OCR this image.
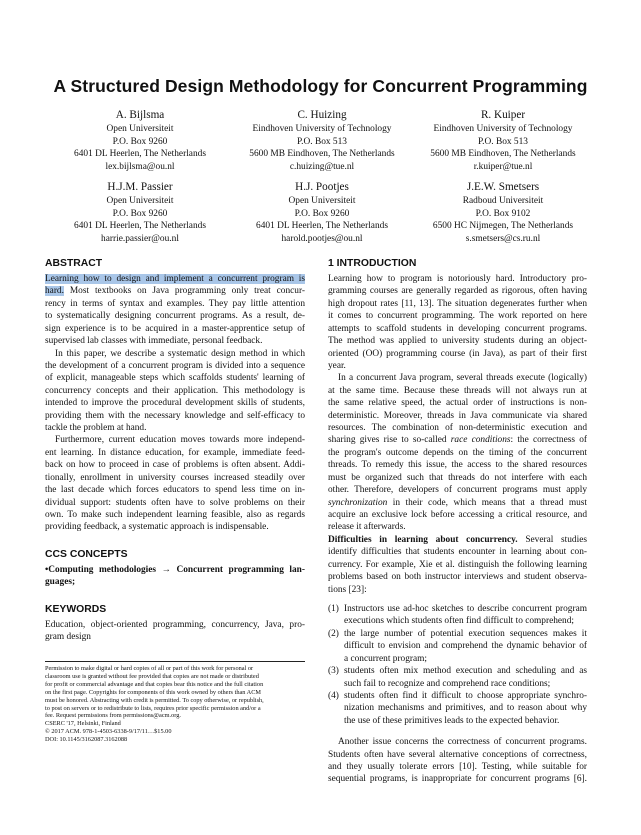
A Structured Design Methodology for Concurrent Programming
A. Bijlsma
Open Universiteit
P.O. Box 9260
6401 DL Heerlen, The Netherlands
lex.bijlsma@ou.nl
C. Huizing
Eindhoven University of Technology
P.O. Box 513
5600 MB Eindhoven, The Netherlands
c.huizing@tue.nl
R. Kuiper
Eindhoven University of Technology
P.O. Box 513
5600 MB Eindhoven, The Netherlands
r.kuiper@tue.nl
H.J.M. Passier
Open Universiteit
P.O. Box 9260
6401 DL Heerlen, The Netherlands
harrie.passier@ou.nl
H.J. Pootjes
Open Universiteit
P.O. Box 9260
6401 DL Heerlen, The Netherlands
harold.pootjes@ou.nl
J.E.W. Smetsers
Radboud Universiteit
P.O. Box 9102
6500 HC Nijmegen, The Netherlands
s.smetsers@cs.ru.nl
ABSTRACT
Learning how to design and implement a concurrent program is
hard. Most textbooks on Java programming only treat concur-
rency in terms of syntax and examples. They pay little attention
to systematically designing concurrent programs. As a result, de-
sign experience is to be acquired in a master-apprentice setup of
supervised lab classes with immediate, personal feedback.
In this paper, we describe a systematic design method in which
the development of a concurrent program is divided into a sequence
of explicit, manageable steps which scaffolds students' learning of
concurrency concepts and their application. This methodology is
intended to improve the procedural development skills of students,
providing them with the necessary knowledge and self-efficacy to
tackle the problem at hand.
Furthermore, current education moves towards more independ-
ent learning. In distance education, for example, immediate feed-
back on how to proceed in case of problems is often absent. Addi-
tionally, enrollment in university courses increased steadily over
the last decade which forces educators to spend less time on in-
dividual support: students often have to solve problems on their
own. To make such independent learning feasible, also as regards
providing feedback, a systematic approach is indispensable.
CCS CONCEPTS
•Computing methodologies → Concurrent programming lan-
guages;
KEYWORDS
Education, object-oriented programming, concurrency, Java, pro-
gram design
Permission to make digital or hard copies of all or part of this work for personal or
classroom use is granted without fee provided that copies are not made or distributed
for profit or commercial advantage and that copies bear this notice and the full citation
on the first page. Copyrights for components of this work owned by others than ACM
must be honored. Abstracting with credit is permitted. To copy otherwise, or republish,
to post on servers or to redistribute to lists, requires prior specific permission and/or a
fee. Request permissions from permissions@acm.org.
CSERC '17, Helsinki, Finland
© 2017 ACM. 978-1-4503-6338-9/17/11…$15.00
DOI: 10.1145/3162087.3162088
1 INTRODUCTION
Learning how to program is notoriously hard. Introductory pro-
gramming courses are generally regarded as rigorous, often having
high dropout rates [11, 13]. The situation degenerates further when
it comes to concurrent programming. The work reported on here
attempts to scaffold students in developing concurrent programs.
The method was applied to university students during an object-
oriented (OO) programming course (in Java), as part of their first
year.
In a concurrent Java program, several threads execute (logically)
at the same time. Because these threads will not always run at
the same relative speed, the actual order of instructions is non-
deterministic. Moreover, threads in Java communicate via shared
resources. The combination of non-deterministic execution and
sharing gives rise to so-called race conditions: the correctness of
the program's outcome depends on the timing of the concurrent
threads. To remedy this issue, the access to the shared resources
must be organized such that threads do not interfere with each
other. Therefore, developers of concurrent programs must apply
synchronization in their code, which means that a thread must
acquire an exclusive lock before accessing a critical resource, and
release it afterwards.
Difficulties in learning about concurrency. Several studies
identify difficulties that students encounter in learning about con-
currency. For example, Xie et al. distinguish the following learning
problems based on both instructor interviews and student observa-
tions [23]:
(1) Instructors use ad-hoc sketches to describe concurrent program
executions which students often find difficult to comprehend;
(2) the large number of potential execution sequences makes it
difficult to envision and comprehend the dynamic behavior of
a concurrent program;
(3) students often mix method execution and scheduling and as
such fail to recognize and comprehend race conditions;
(4) students often find it difficult to choose appropriate synchro-
nization mechanisms and primitives, and to reason about why
the use of these primitives leads to the expected behavior.
Another issue concerns the correctness of concurrent programs.
Students often have several alternative conceptions of correctness,
and they usually tolerate errors [10]. Testing, while suitable for
sequential programs, is inappropriate for concurrent programs [6].
